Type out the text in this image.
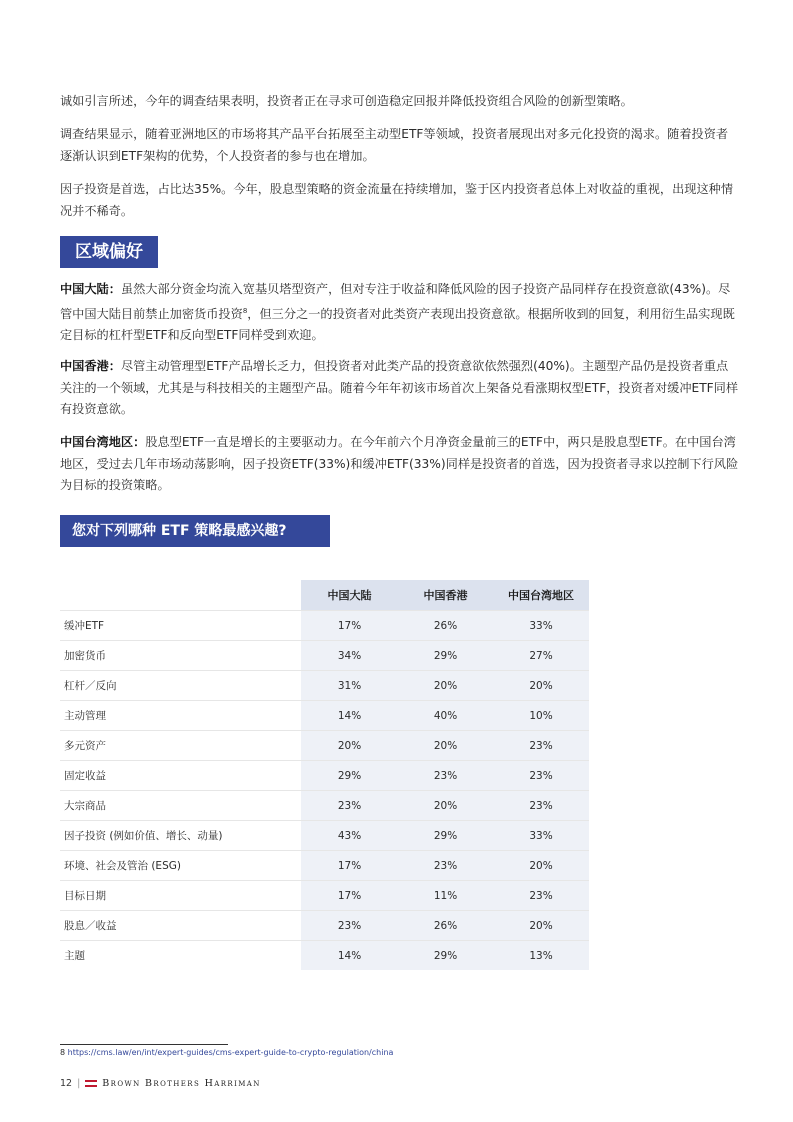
诚如引言所述，今年的调查结果表明，投资者正在寻求可创造稳定回报并降低投资组合风险的创新型策略。

调查结果显示，随着亚洲地区的市场将其产品平台拓展至主动型ETF等领域，投资者展现出对多元化投资的渴求。随着投资者逐渐认识到ETF架构的优势，个人投资者的参与也在增加。

因子投资是首选，占比达35%。今年，股息型策略的资金流量在持续增加，鉴于区内投资者总体上对收益的重视，出现这种情况并不稀奇。

区域偏好

中国大陆：虽然大部分资金均流入宽基贝塔型资产，但对专注于收益和降低风险的因子投资产品同样存在投资意欲(43%)。尽管中国大陆目前禁止加密货币投资$^8$，但三分之一的投资者对此类资产表现出投资意欲。根据所收到的回复，利用衍生品实现既定目标的杠杆型ETF和反向型ETF同样受到欢迎。

中国香港：尽管主动管理型ETF产品增长乏力，但投资者对此类产品的投资意欲依然强烈(40%)。主题型产品仍是投资者重点关注的一个领域，尤其是与科技相关的主题型产品。随着今年年初该市场首次上架备兑看涨期权型ETF，投资者对缓冲ETF同样有投资意欲。

中国台湾地区：股息型ETF一直是增长的主要驱动力。在今年前六个月净资金量前三的ETF中，两只是股息型ETF。在中国台湾地区，受过去几年市场动荡影响，因子投资ETF(33%)和缓冲ETF(33%)同样是投资者的首选，因为投资者寻求以控制下行风险为目标的投资策略。

您对下列哪种 ETF 策略最感兴趣?
	中国大陆	中国香港	中国台湾地区
缓冲ETF	17%	26%	33%
加密货币	34%	29%	27%
杠杆／反向	31%	20%	20%
主动管理	14%	40%	10%
多元资产	20%	20%	23%
固定收益	29%	23%	23%
大宗商品	23%	20%	23%
因子投资 (例如价值、增长、动量)	43%	29%	33%
环境、社会及管治 (ESG)	17%	23%	20%
目标日期	17%	11%	23%
股息／收益	23%	26%	20%
主题	14%	29%	13%
8 https://cms.law/en/int/expert-guides/cms-expert-guide-to-crypto-regulation/china
12 | Brown Brothers Harriman
